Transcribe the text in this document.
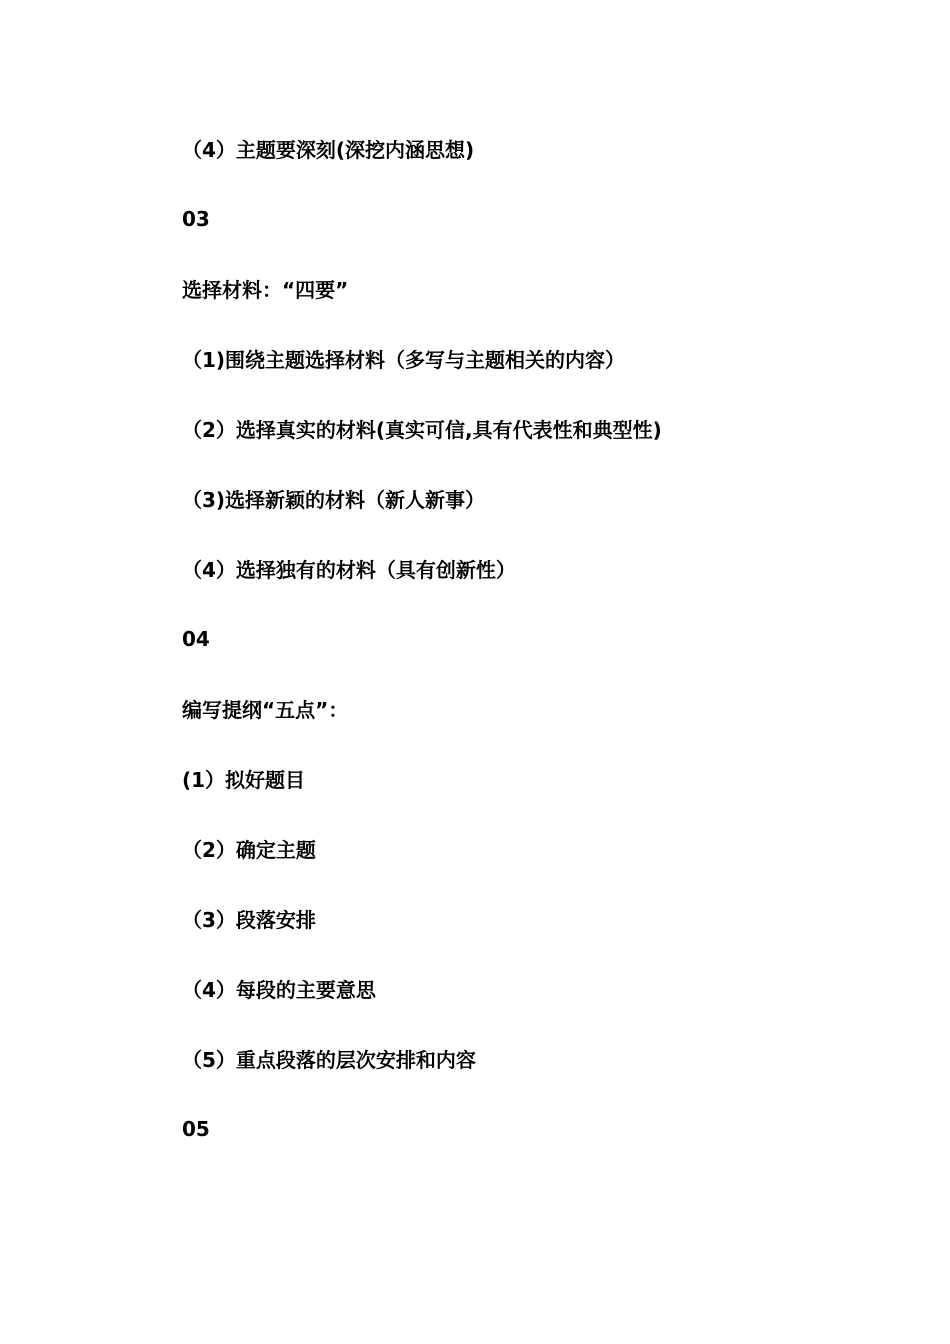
（4）主题要深刻(深挖内涵思想)
03
选择材料：“四要”
（1)围绕主题选择材料（多写与主题相关的内容）
（2）选择真实的材料(真实可信,具有代表性和典型性)
（3)选择新颖的材料（新人新事）
（4）选择独有的材料（具有创新性）
04
编写提纲“五点”：
(1）拟好题目
（2）确定主题
（3）段落安排
（4）每段的主要意思
（5）重点段落的层次安排和内容
05
